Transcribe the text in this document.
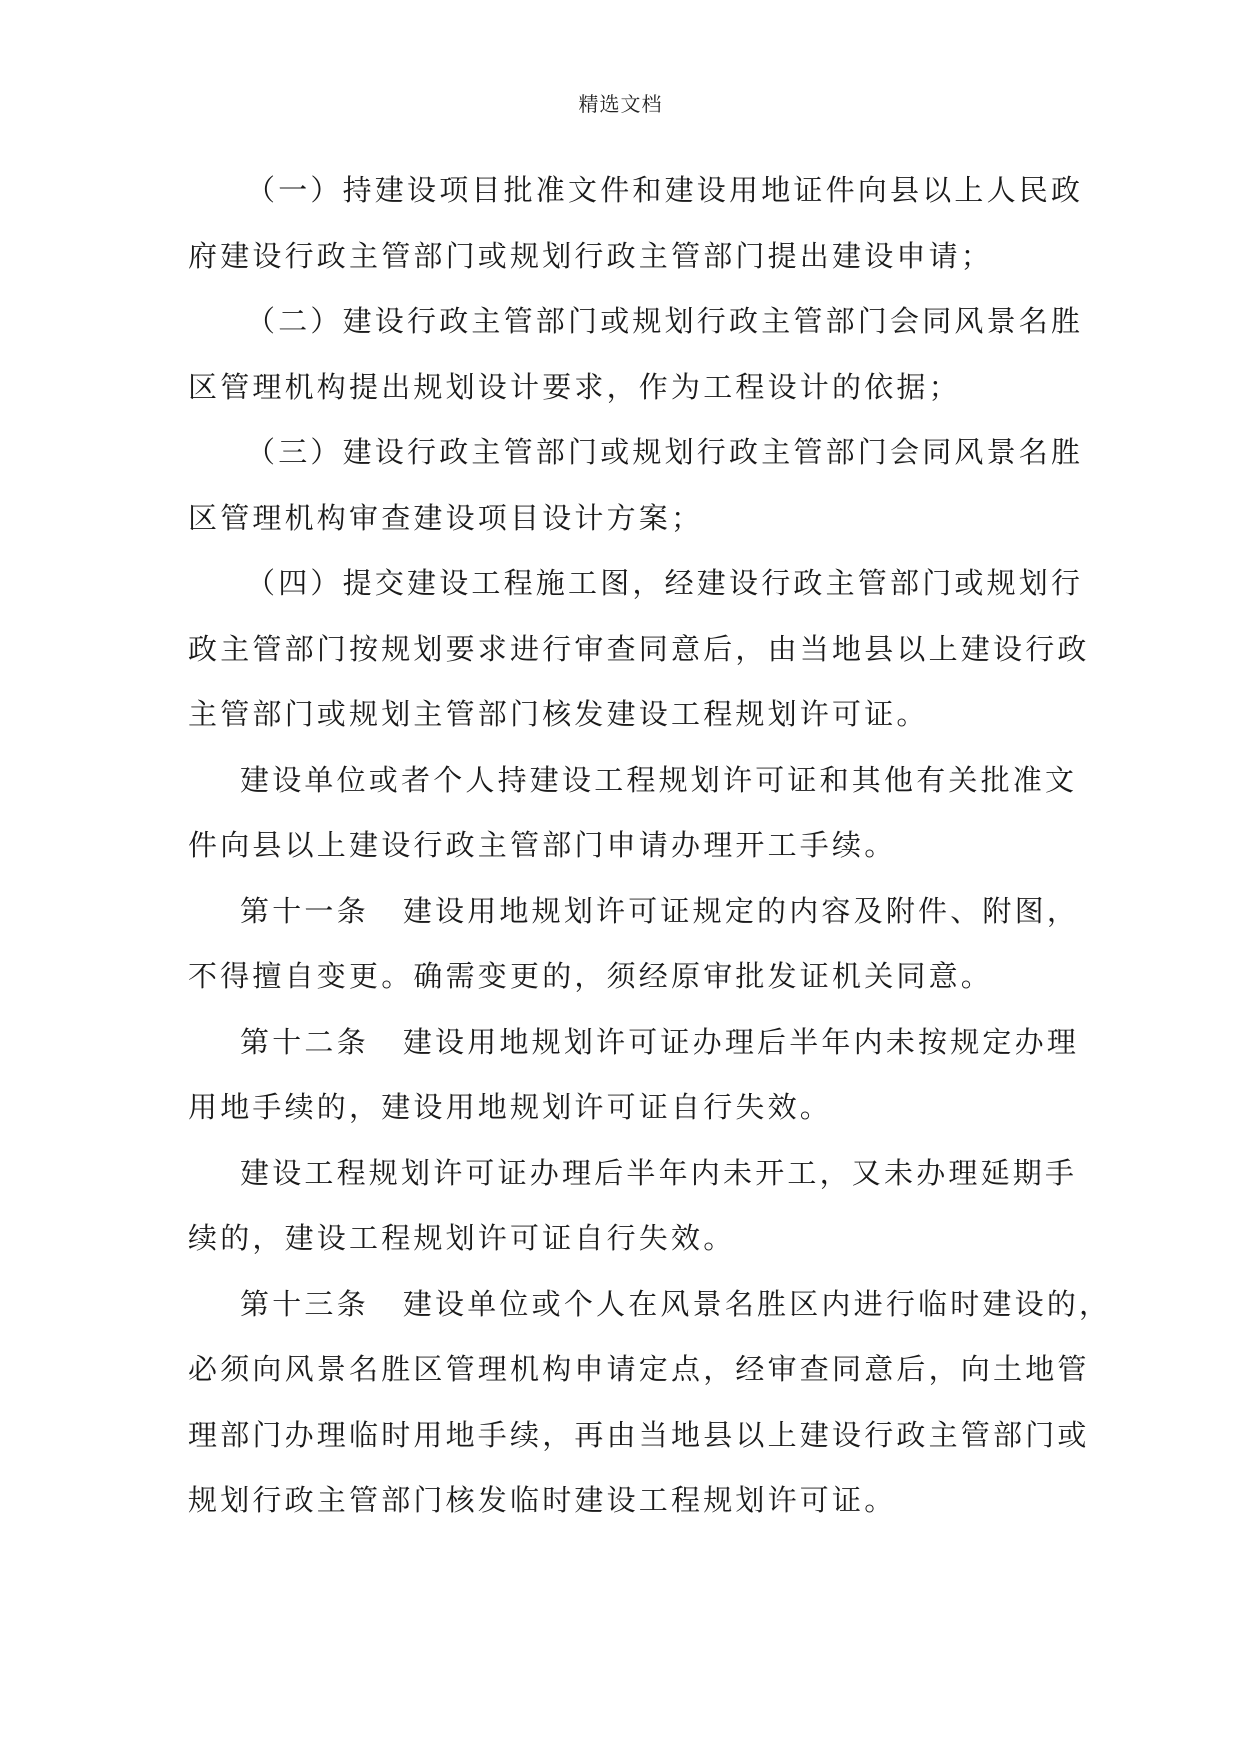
精选文档

（一）持建设项目批准文件和建设用地证件向县以上人民政
府建设行政主管部门或规划行政主管部门提出建设申请；

（二）建设行政主管部门或规划行政主管部门会同风景名胜
区管理机构提出规划设计要求，作为工程设计的依据；

（三）建设行政主管部门或规划行政主管部门会同风景名胜
区管理机构审查建设项目设计方案；

（四）提交建设工程施工图，经建设行政主管部门或规划行
政主管部门按规划要求进行审查同意后，由当地县以上建设行政
主管部门或规划主管部门核发建设工程规划许可证。

建设单位或者个人持建设工程规划许可证和其他有关批准文
件向县以上建设行政主管部门申请办理开工手续。

第十一条 建设用地规划许可证规定的内容及附件、附图，
不得擅自变更。确需变更的，须经原审批发证机关同意。

第十二条 建设用地规划许可证办理后半年内未按规定办理
用地手续的，建设用地规划许可证自行失效。

建设工程规划许可证办理后半年内未开工，又未办理延期手
续的，建设工程规划许可证自行失效。

第十三条 建设单位或个人在风景名胜区内进行临时建设的，
必须向风景名胜区管理机构申请定点，经审查同意后，向土地管
理部门办理临时用地手续，再由当地县以上建设行政主管部门或
规划行政主管部门核发临时建设工程规划许可证。
